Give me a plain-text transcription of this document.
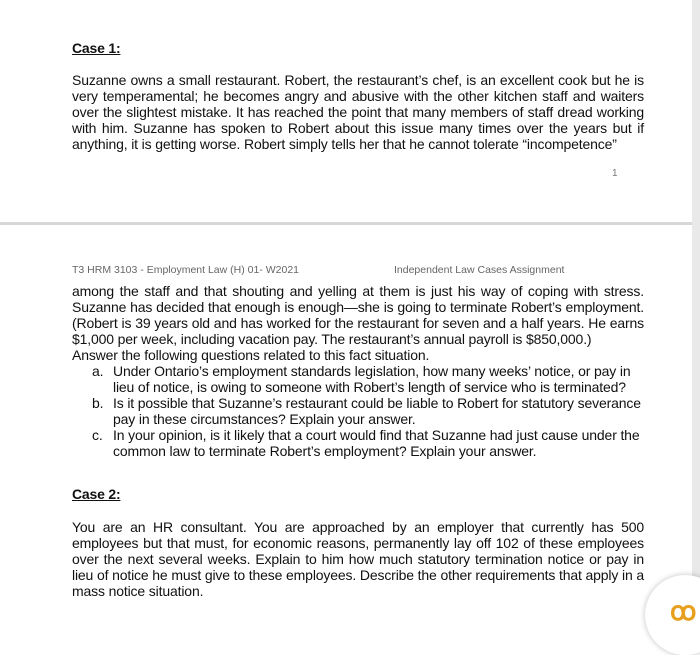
Case 1:
Suzanne owns a small restaurant. Robert, the restaurant’s chef, is an excellent cook but he is very temperamental; he becomes angry and abusive with the other kitchen staff and waiters over the slightest mistake. It has reached the point that many members of staff dread working with him. Suzanne has spoken to Robert about this issue many times over the years but if anything, it is getting worse. Robert simply tells her that he cannot tolerate “incompetence”
1
T3 HRM 3103 - Employment Law (H) 01- W2021	Independent Law Cases Assignment
among the staff and that shouting and yelling at them is just his way of coping with stress. Suzanne has decided that enough is enough—she is going to terminate Robert’s employment. (Robert is 39 years old and has worked for the restaurant for seven and a half years. He earns $1,000 per week, including vacation pay. The restaurant’s annual payroll is $850,000.)
Answer the following questions related to this fact situation.
a. Under Ontario’s employment standards legislation, how many weeks’ notice, or pay in lieu of notice, is owing to someone with Robert’s length of service who is terminated?
b. Is it possible that Suzanne’s restaurant could be liable to Robert for statutory severance pay in these circumstances? Explain your answer.
c. In your opinion, is it likely that a court would find that Suzanne had just cause under the common law to terminate Robert’s employment? Explain your answer.
Case 2:
You are an HR consultant. You are approached by an employer that currently has 500 employees but that must, for economic reasons, permanently lay off 102 of these employees over the next several weeks. Explain to him how much statutory termination notice or pay in lieu of notice he must give to these employees. Describe the other requirements that apply in a mass notice situation.
ꝏ
